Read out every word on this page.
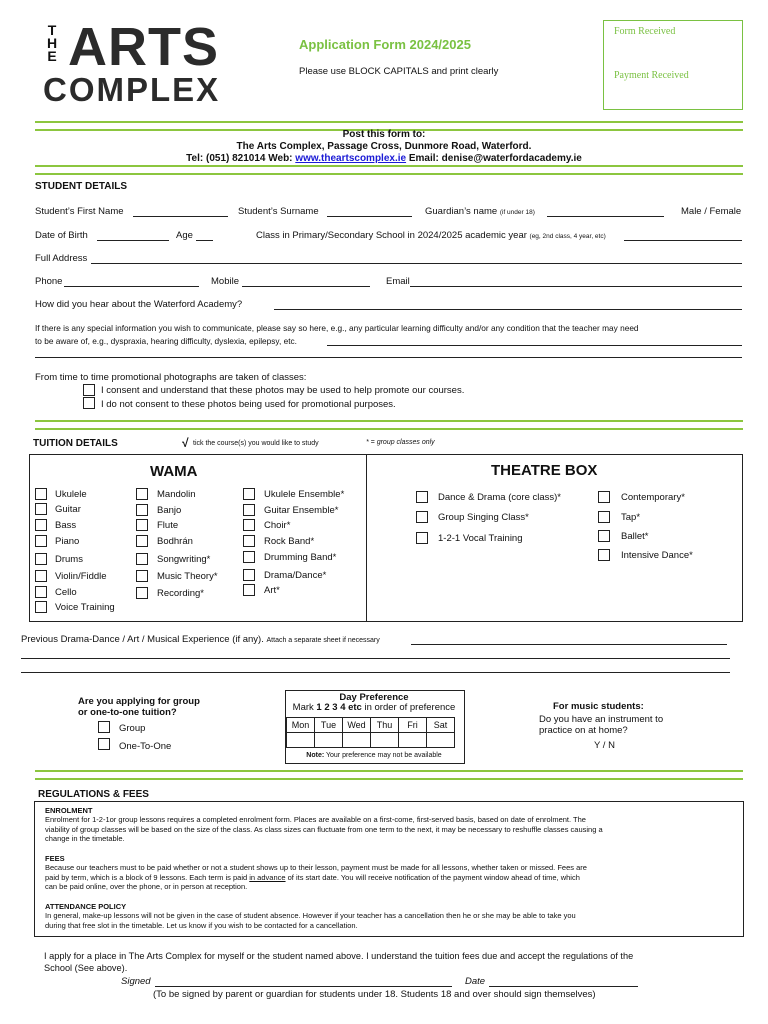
T
H
E ARTS
COMPLEX
Application Form 2024/2025
Please use BLOCK CAPITALS and print clearly
Form Received
Payment Received
Post this form to:
The Arts Complex, Passage Cross, Dunmore Road, Waterford.
Tel: (051) 821014 Web: www.theartscomplex.ie Email: denise@waterfordacademy.ie
STUDENT DETAILS
Student’s First Name	Student’s Surname	Guardian’s name (if under 18)	Male / Female
Date of Birth	Age	Class in Primary/Secondary School in 2024/2025 academic year (eg, 2nd class, 4 year, etc)
Full Address
Phone	Mobile	Email
How did you hear about the Waterford Academy?
If there is any special information you wish to communicate, please say so here, e.g., any particular learning difficulty and/or any condition that the teacher may need
to be aware of, e.g., dyspraxia, hearing difficulty, dyslexia, epilepsy, etc.
From time to time promotional photographs are taken of classes:
I consent and understand that these photos may be used to help promote our courses.
I do not consent to these photos being used for promotional purposes.
TUITION DETAILS	√ tick the course(s) you would like to study	* = group classes only
WAMA	THEATRE BOX
Ukulele
Guitar
Bass
Piano
Drums
Violin/Fiddle
Cello
Voice Training
Mandolin
Banjo
Flute
Bodhrán
Songwriting*
Music Theory*
Recording*
Ukulele Ensemble*
Guitar Ensemble*
Choir*
Rock Band*
Drumming Band*
Drama/Dance*
Art*
Dance & Drama (core class)*
Group Singing Class*
1-2-1 Vocal Training
Contemporary*
Tap*
Ballet*
Intensive Dance*
Previous Drama-Dance / Art / Musical Experience (if any). Attach a separate sheet if necessary
Are you applying for group
or one-to-one tuition?
Group
One-To-One
Day Preference
Mark 1 2 3 4 etc in order of preference
Mon	Tue	Wed	Thu	Fri	Sat

Note: Your preference may not be available
For music students:
Do you have an instrument to
practice on at home?
Y / N
REGULATIONS & FEES
ENROLMENT
Enrolment for 1-2-1or group lessons requires a completed enrolment form. Places are available on a first-come, first-served basis, based on date of enrolment. The
viability of group classes will be based on the size of the class. As class sizes can fluctuate from one term to the next, it may be necessary to reshuffle classes causing a
change in the timetable.
FEES
Because our teachers must to be paid whether or not a student shows up to their lesson, payment must be made for all lessons, whether taken or missed. Fees are
paid by term, which is a block of 9 lessons. Each term is paid in advance of its start date. You will receive notification of the payment window ahead of time, which
can be paid online, over the phone, or in person at reception.
ATTENDANCE POLICY
In general, make-up lessons will not be given in the case of student absence. However if your teacher has a cancellation then he or she may be able to take you
during that free slot in the timetable. Let us know if you wish to be contacted for a cancellation.
I apply for a place in The Arts Complex for myself or the student named above. I understand the tuition fees due and accept the regulations of the
School (See above).
Signed	Date
(To be signed by parent or guardian for students under 18. Students 18 and over should sign themselves)
